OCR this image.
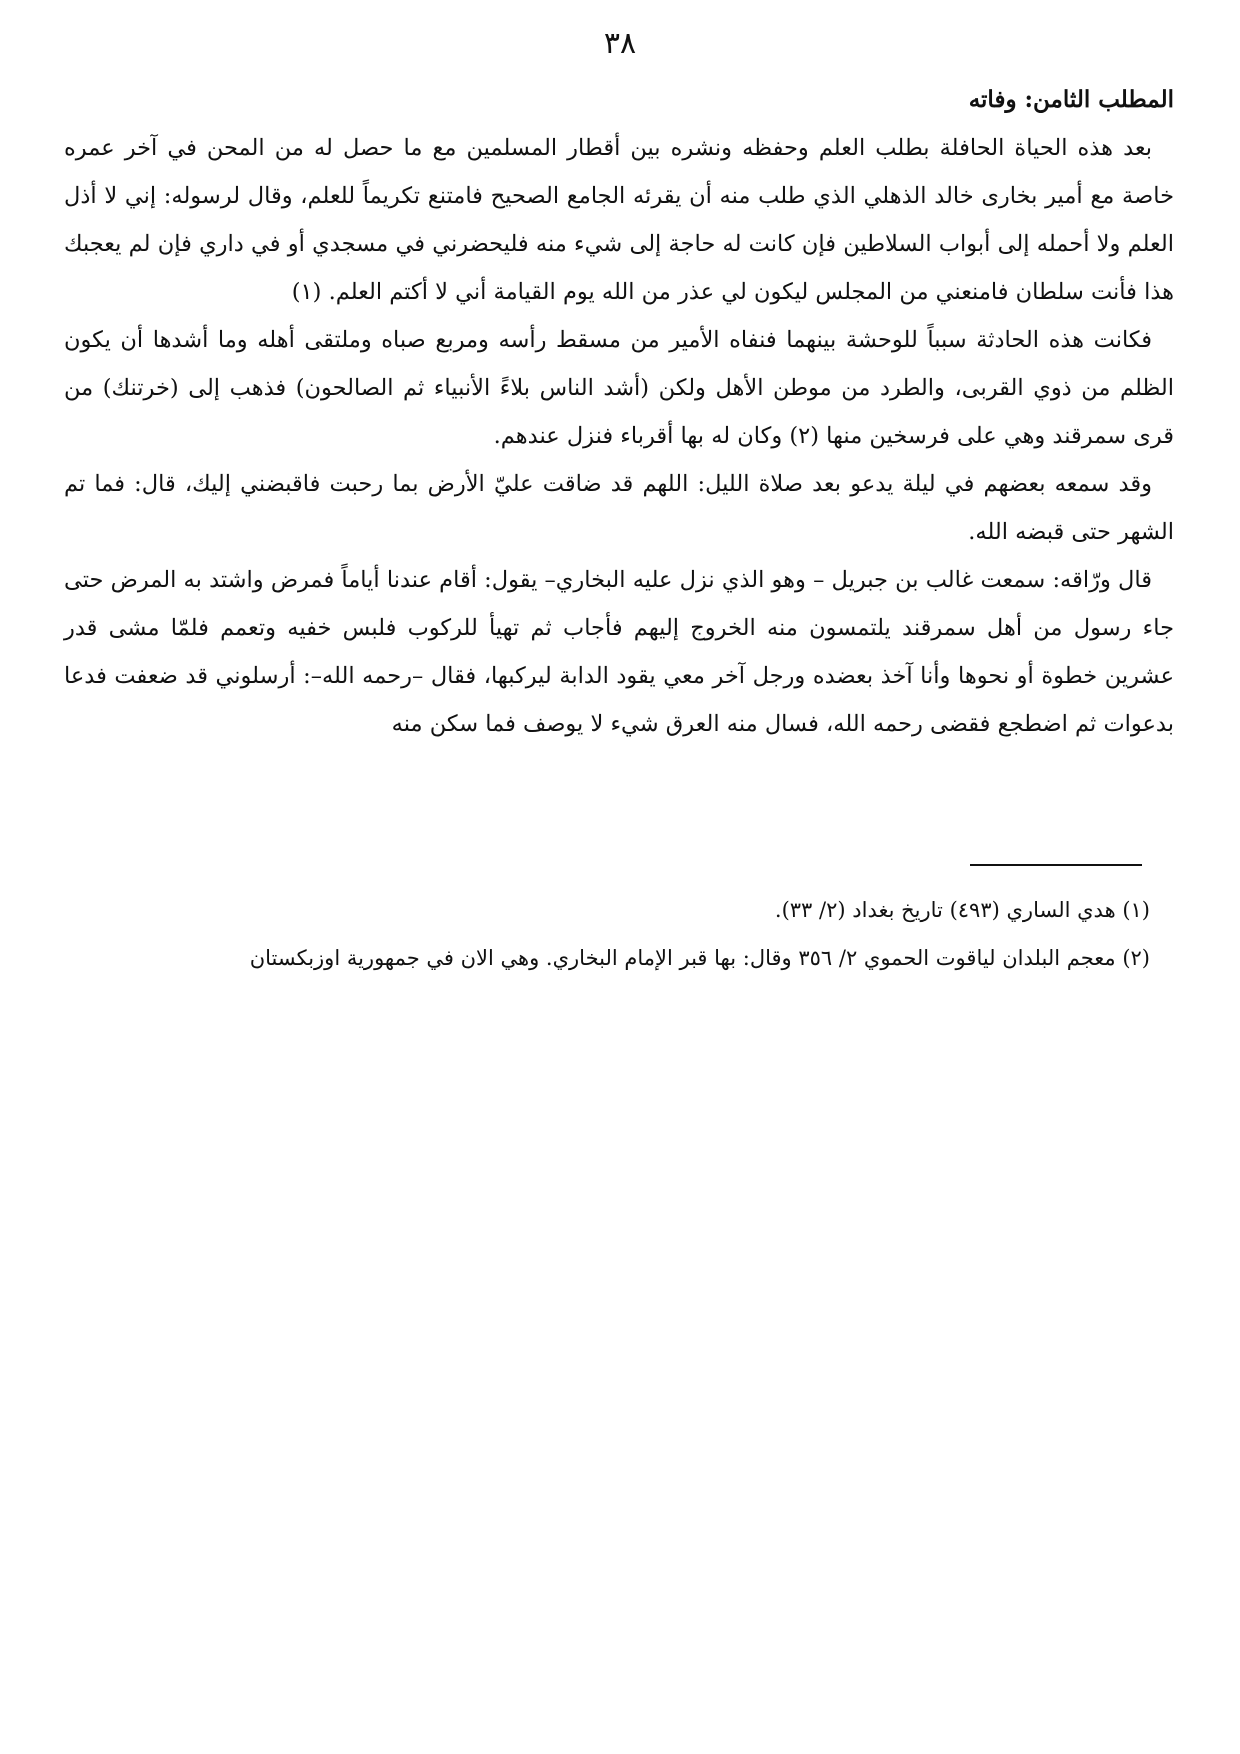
٣٨
المطلب الثامن: وفاته

بعد هذه الحياة الحافلة بطلب العلم وحفظه ونشره بين أقطار المسلمين مع ما حصل له من المحن في آخر عمره خاصة مع أمير بخارى خالد الذهلي الذي طلب منه أن يقرئه الجامع الصحيح فامتنع تكريماً للعلم، وقال لرسوله: إني لا أذل العلم ولا أحمله إلى أبواب السلاطين فإن كانت له حاجة إلى شيء منه فليحضرني في مسجدي أو في داري فإن لم يعجبك هذا فأنت سلطان فامنعني من المجلس ليكون لي عذر من الله يوم القيامة أني لا أكتم العلم. (١)

فكانت هذه الحادثة سبباً للوحشة بينهما فنفاه الأمير من مسقط رأسه ومربع صباه وملتقى أهله وما أشدها أن يكون الظلم من ذوي القربى، والطرد من موطن الأهل ولكن (أشد الناس بلاءً الأنبياء ثم الصالحون) فذهب إلى (خرتنك) من قرى سمرقند وهي على فرسخين منها (٢) وكان له بها أقرباء فنزل عندهم.

وقد سمعه بعضهم في ليلة يدعو بعد صلاة الليل: اللهم قد ضاقت عليّ الأرض بما رحبت فاقبضني إليك، قال: فما تم الشهر حتى قبضه الله.

قال ورّاقه: سمعت غالب بن جبريل – وهو الذي نزل عليه البخاري– يقول: أقام عندنا أياماً فمرض واشتد به المرض حتى جاء رسول من أهل سمرقند يلتمسون منه الخروج إليهم فأجاب ثم تهيأ للركوب فلبس خفيه وتعمم فلمّا مشى قدر عشرين خطوة أو نحوها وأنا آخذ بعضده ورجل آخر معي يقود الدابة ليركبها، فقال –رحمه الله–: أرسلوني قد ضعفت فدعا بدعوات ثم اضطجع فقضى رحمه الله، فسال منه العرق شيء لا يوصف فما سكن منه

(١) هدي الساري (٤٩٣) تاريخ بغداد (٢/ ٣٣).

(٢) معجم البلدان لياقوت الحموي ٢/ ٣٥٦ وقال: بها قبر الإمام البخاري. وهي الان في جمهورية اوزبكستان
